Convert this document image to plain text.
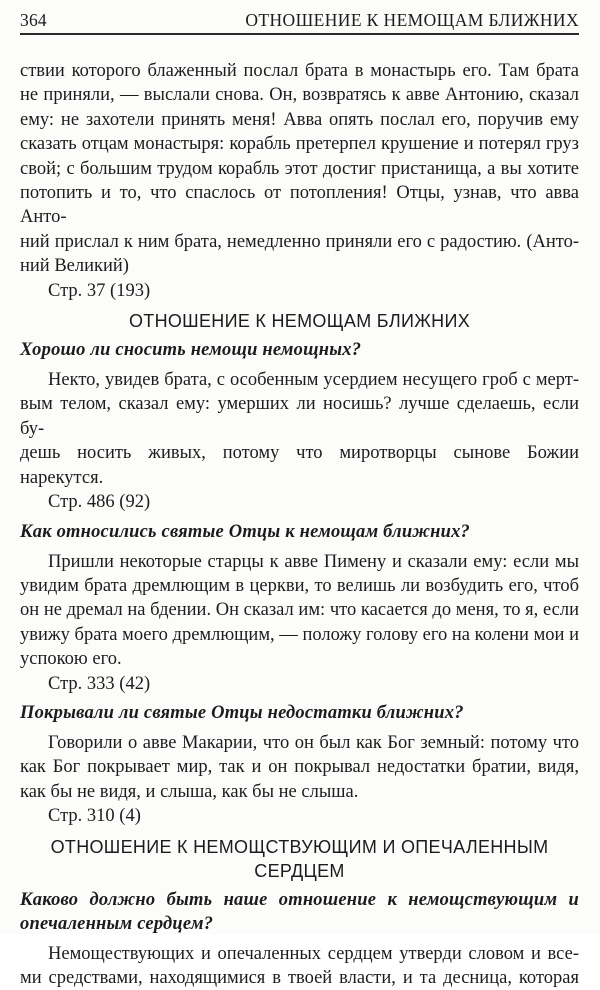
364	ОТНОШЕНИЕ К НЕМОЩАМ БЛИЖНИХ
ствии которого блаженный послал брата в монастырь его. Там брата
не приняли, — выслали снова. Он, возвратясь к авве Антонию, сказал
ему: не захотели принять меня! Авва опять послал его, поручив ему
сказать отцам монастыря: корабль претерпел крушение и потерял груз
свой; с большим трудом корабль этот достиг пристанища, а вы хотите
потопить и то, что спаслось от потопления! Отцы, узнав, что авва Анто-
ний прислал к ним брата, немедленно приняли его с радостию. (Анто-
ний Великий)
Стр. 37 (193)
ОТНОШЕНИЕ К НЕМОЩАМ БЛИЖНИХ
Хорошо ли сносить немощи немощных?
Некто, увидев брата, с особенным усердием несущего гроб с мерт-
вым телом, сказал ему: умерших ли носишь? лучше сделаешь, если бу-
дешь носить живых, потому что миротворцы сынове Божии нарекутся.
Стр. 486 (92)
Как относились святые Отцы к немощам ближних?
Пришли некоторые старцы к авве Пимену и сказали ему: если мы
увидим брата дремлющим в церкви, то велишь ли возбудить его, чтоб
он не дремал на бдении. Он сказал им: что касается до меня, то я, если
увижу брата моего дремлющим, — положу голову его на колени мои и
успокою его.
Стр. 333 (42)
Покрывали ли святые Отцы недостатки ближних?
Говорили о авве Макарии, что он был как Бог земный: потому что
как Бог покрывает мир, так и он покрывал недостатки братии, видя,
как бы не видя, и слыша, как бы не слыша.
Стр. 310 (4)
ОТНОШЕНИЕ К НЕМОЩСТВУЮЩИМ И ОПЕЧАЛЕННЫМ
СЕРДЦЕМ
Каково должно быть наше отношение к немощствующим и
опечаленным сердцем?
Немоществующих и опечаленных сердцем утверди словом и все-
ми средствами, находящимися в твоей власти, и та десница, которая
